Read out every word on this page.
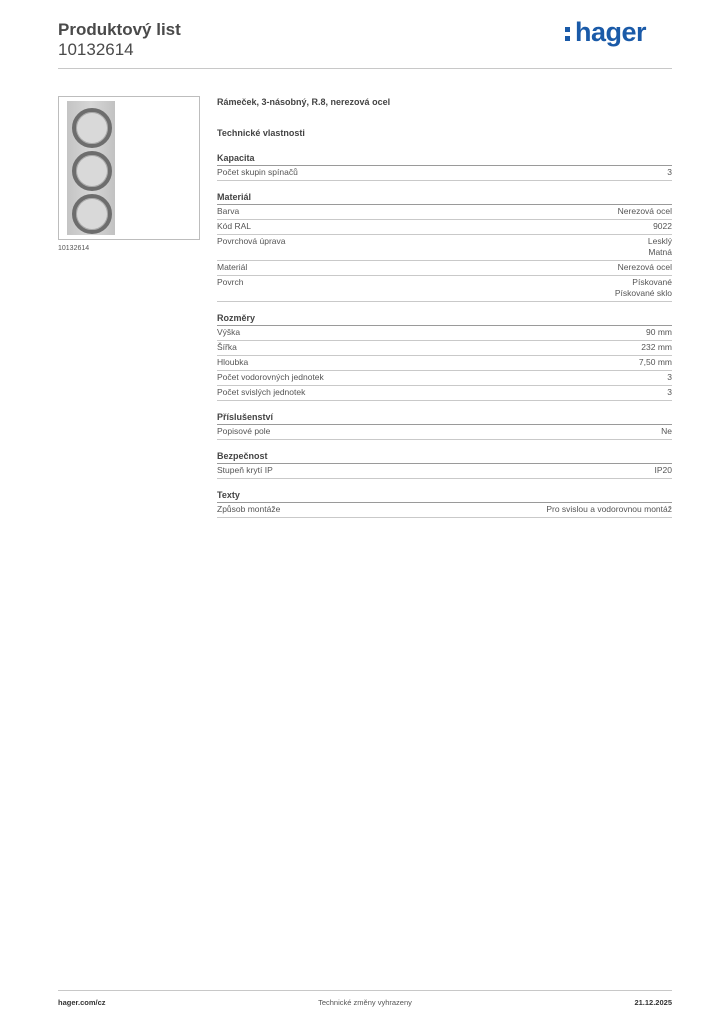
Produktový list
10132614
hager
10132614
Rámeček, 3-násobný, R.8, nerezová ocel
Technické vlastnosti
Kapacita
Počet skupin spínačů	3
Materiál
Barva	Nerezová ocel
Kód RAL	9022
Povrchová úprava	Lesklý
Matná
Materiál	Nerezová ocel
Povrch	Pískované
Pískované sklo
Rozměry
Výška	90 mm
Šířka	232 mm
Hloubka	7,50 mm
Počet vodorovných jednotek	3
Počet svislých jednotek	3
Příslušenství
Popisové pole	Ne
Bezpečnost
Stupeň krytí IP	IP20
Texty
Způsob montáže	Pro svislou a vodorovnou montáž
hager.com/cz	Technické změny vyhrazeny	21.12.2025
